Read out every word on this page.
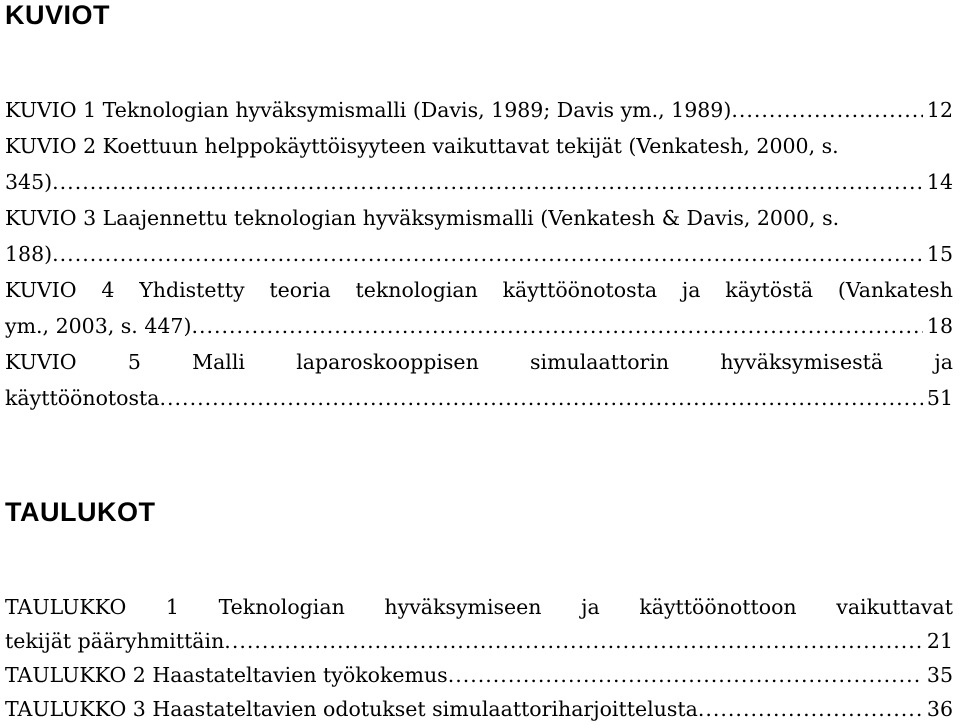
KUVIOT
KUVIO 1 Teknologian hyväksymismalli (Davis, 1989; Davis ym., 1989) .....	12
KUVIO 2 Koettuun helppokäyttöisyyteen vaikuttavat tekijät (Venkatesh, 2000, s.
345) .....	14
KUVIO 3 Laajennettu teknologian hyväksymismalli (Venkatesh & Davis, 2000, s.
188) .....	15
KUVIO 4 Yhdistetty teoria teknologian käyttöönotosta ja käytöstä (Vankatesh
ym., 2003, s. 447) .....	18
KUVIO 5 Malli laparoskooppisen simulaattorin hyväksymisestä ja
käyttöönotosta .....	51
TAULUKOT
TAULUKKO 1 Teknologian hyväksymiseen ja käyttöönottoon vaikuttavat
tekijät pääryhmittäin .....	21
TAULUKKO 2 Haastateltavien työkokemus .....	35
TAULUKKO 3 Haastateltavien odotukset simulaattoriharjoittelusta .....	36
